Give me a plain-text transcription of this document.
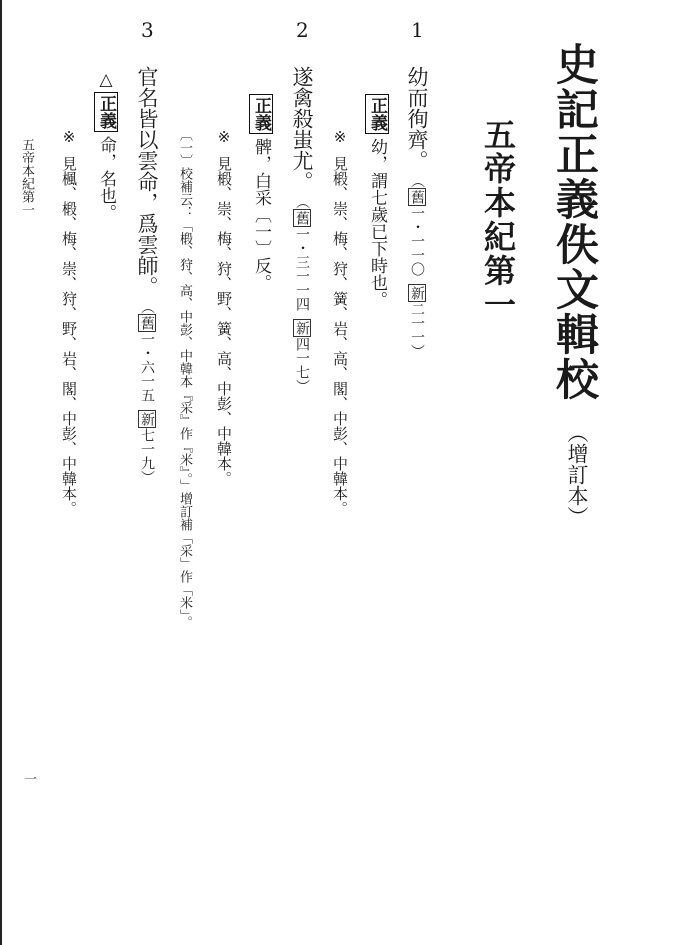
史記正義佚文輯校
（增訂本）
五帝本紀第一
1
2
3
幼而徇齊。（舊一・一一〇新二一一）
正義幼，謂七歲已下時也。
※見椴、崇、梅、狩、簧、岩、高、閣、中彭、中韓本。
遂禽殺蚩尤。（舊一・三一一四新四一七）
正義髀，白采〔一〕反。
※見椴、崇、梅、狩、野、簧、高、中彭、中韓本。
〔一〕校補云：「椴、狩、高、中彭、中韓本『采』作『米』。」增訂補「采」作「米」。
官名皆以雲命，爲雲師。（舊一・六一五新七一九）
△正義命，名也。
※見楓、椴、梅、崇、狩、野、岩、閣、中彭、中韓本。
五帝本紀第一
一
